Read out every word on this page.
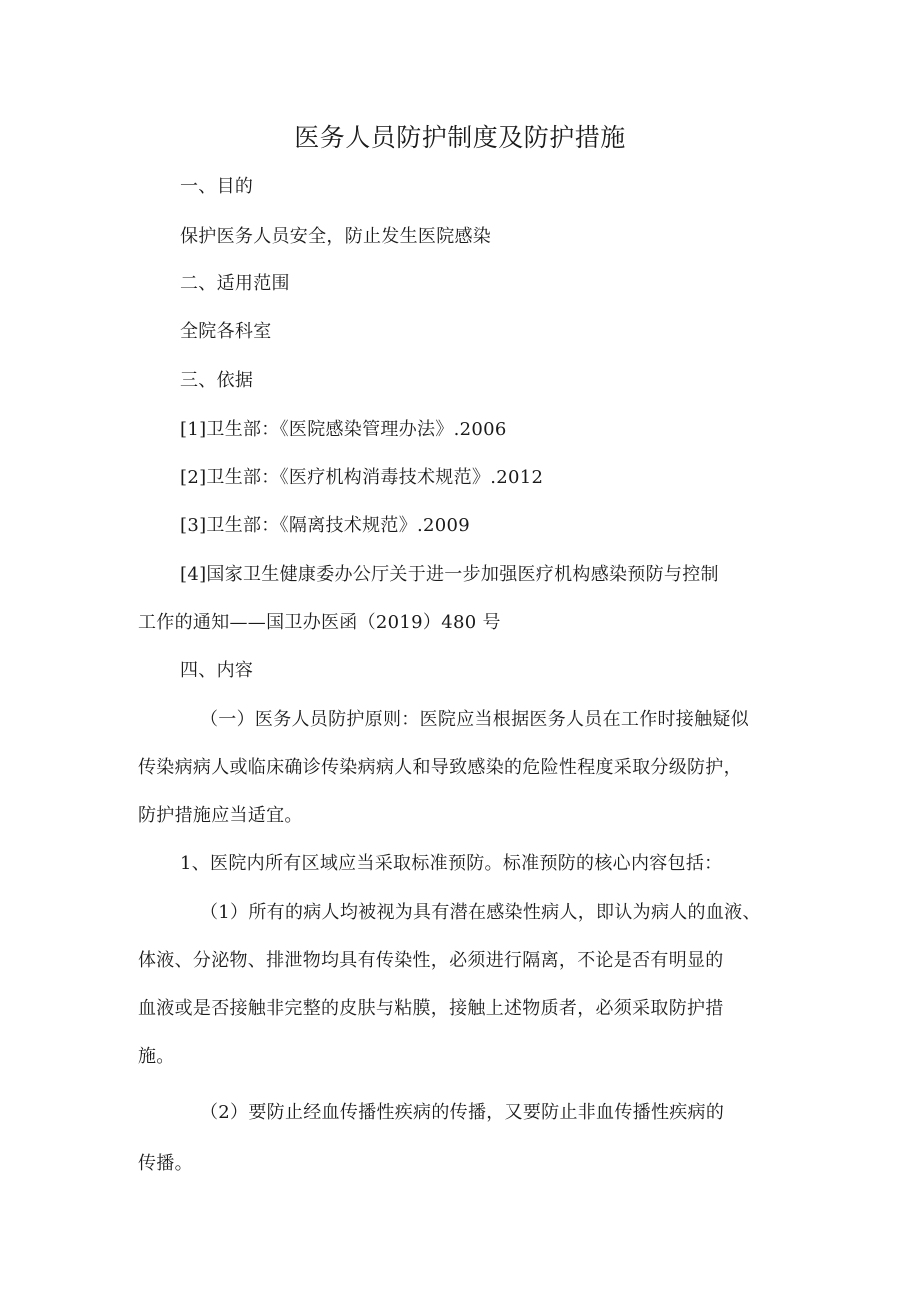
医务人员防护制度及防护措施
一、目的
保护医务人员安全，防止发生医院感染
二、适用范围
全院各科室
三、依据
[1]卫生部：《医院感染管理办法》.2006
[2]卫生部：《医疗机构消毒技术规范》.2012
[3]卫生部：《隔离技术规范》.2009
[4]国家卫生健康委办公厅关于进一步加强医疗机构感染预防与控制
工作的通知——国卫办医函（2019）480 号
四、内容
（一）医务人员防护原则：医院应当根据医务人员在工作时接触疑似
传染病病人或临床确诊传染病病人和导致感染的危险性程度采取分级防护，
防护措施应当适宜。
1、医院内所有区域应当采取标准预防。标准预防的核心内容包括：
（1）所有的病人均被视为具有潜在感染性病人，即认为病人的血液、
体液、分泌物、排泄物均具有传染性，必须进行隔离，不论是否有明显的
血液或是否接触非完整的皮肤与粘膜，接触上述物质者，必须采取防护措
施。
（2）要防止经血传播性疾病的传播，又要防止非血传播性疾病的
传播。
